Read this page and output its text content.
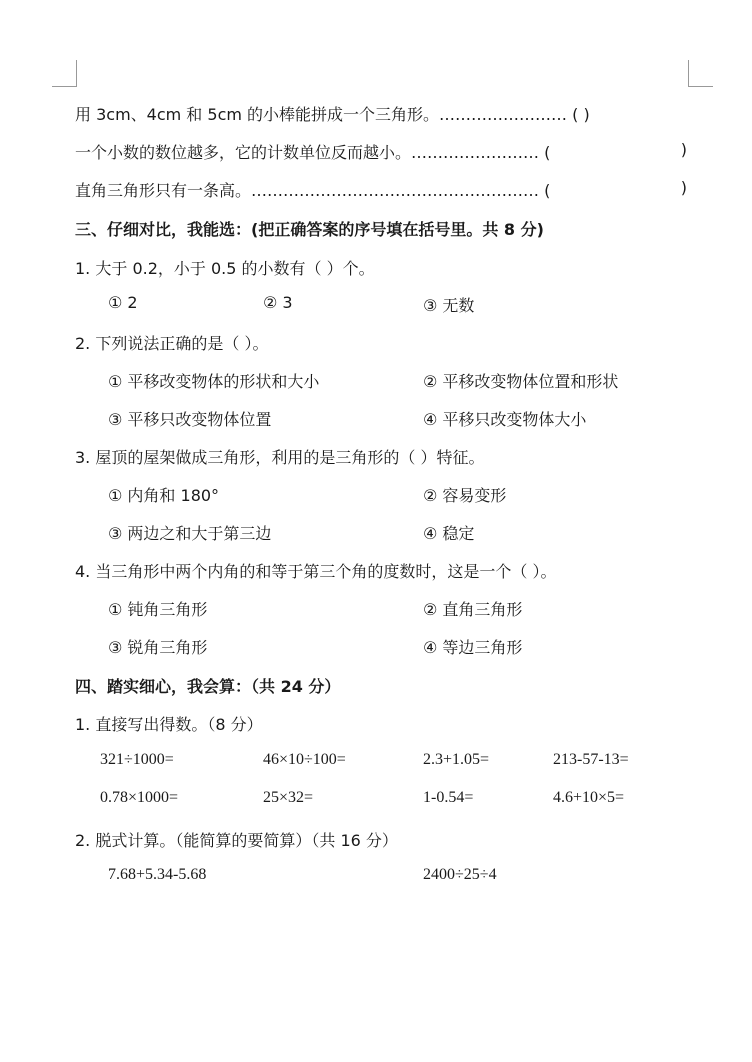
用 3cm、4cm 和 5cm 的小棒能拼成一个三角形。…………………… ( )
一个小数的数位越多，它的计数单位反而越小。…………………… (	)
直角三角形只有一条高。……………………………………………… (	)
三、仔细对比，我能选：(把正确答案的序号填在括号里。共 8 分)
1. 大于 0.2，小于 0.5 的小数有（ ）个。
① 2	② 3	③ 无数
2. 下列说法正确的是（ ）。
① 平移改变物体的形状和大小	② 平移改变物体位置和形状
③ 平移只改变物体位置	④ 平移只改变物体大小
3. 屋顶的屋架做成三角形，利用的是三角形的（ ）特征。
① 内角和 180°	② 容易变形
③ 两边之和大于第三边	④ 稳定
4. 当三角形中两个内角的和等于第三个角的度数时，这是一个（ ）。
① 钝角三角形	② 直角三角形
③ 锐角三角形	④ 等边三角形
四、踏实细心，我会算：（共 24 分）
1. 直接写出得数。（8 分）
321÷1000=	46×10÷100=	2.3+1.05=	213-57-13=
0.78×1000=	25×32=	1-0.54=	4.6+10×5=
2. 脱式计算。（能简算的要简算）（共 16 分）
7.68+5.34-5.68	2400÷25÷4
